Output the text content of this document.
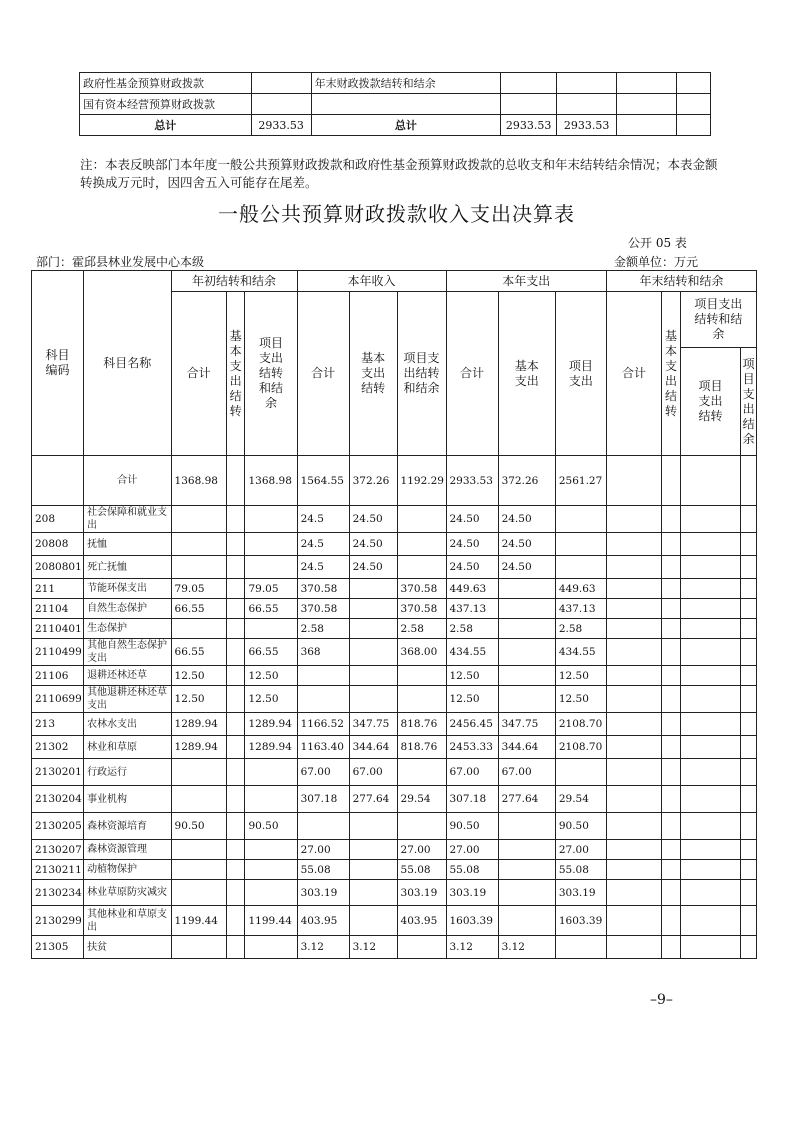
政府性基金预算财政拨款		年末财政拨款结转和结余				
国有资本经营预算财政拨款						
总计	2933.53	总计	2933.53	2933.53		
注：本表反映部门本年度一般公共预算财政拨款和政府性基金预算财政拨款的总收支和年末结转结余情况；本表金额转换成万元时，因四舍五入可能存在尾差。
一般公共预算财政拨款收入支出决算表
公开 05 表
部门：霍邱县林业发展中心本级	金额单位：万元
科目编码	科目名称	年初结转和结余			本年收入			本年支出			年末结转和结余			
		合计	基本支出结转	项目支出结转和结余	合计	基本支出结转	项目支出结转和结余	合计	基本支出	项目支出	合计	基本支出结转	项目支出结转和结余	

													项目支出结转	项目支出结余

	合计	1368.98		1368.98	1564.55	372.26	1192.29	2933.53	372.26	2561.27				
208	社会保障和就业支出				24.5	24.50		24.50	24.50					
20808	抚恤				24.5	24.50		24.50	24.50					
2080801	死亡抚恤				24.5	24.50		24.50	24.50					
211	节能环保支出	79.05		79.05	370.58		370.58	449.63		449.63				
21104	自然生态保护	66.55		66.55	370.58		370.58	437.13		437.13				
2110401	生态保护				2.58		2.58	2.58		2.58				
2110499	其他自然生态保护支出	66.55		66.55	368		368.00	434.55		434.55				
21106	退耕还林还草	12.50		12.50				12.50		12.50				
2110699	其他退耕还林还草支出	12.50		12.50				12.50		12.50				
213	农林水支出	1289.94		1289.94	1166.52	347.75	818.76	2456.45	347.75	2108.70				
21302	林业和草原	1289.94		1289.94	1163.40	344.64	818.76	2453.33	344.64	2108.70				
2130201	行政运行				67.00	67.00		67.00	67.00					
2130204	事业机构				307.18	277.64	29.54	307.18	277.64	29.54				
2130205	森林资源培育	90.50		90.50				90.50		90.50				
2130207	森林资源管理				27.00		27.00	27.00		27.00				
2130211	动植物保护				55.08		55.08	55.08		55.08				
2130234	林业草原防灾减灾				303.19		303.19	303.19		303.19				
2130299	其他林业和草原支出	1199.44		1199.44	403.95		403.95	1603.39		1603.39				
21305	扶贫				3.12	3.12		3.12	3.12					
–9–
